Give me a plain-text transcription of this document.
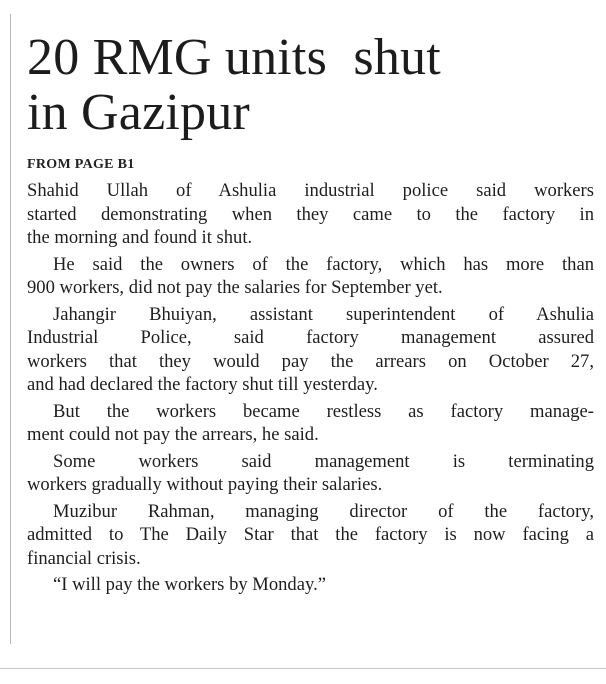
20 RMG units  shut
in Gazipur
FROM PAGE B1

Shahid Ullah of Ashulia industrial police said workers
started demonstrating when they came to the factory in
the morning and found it shut.

He said the owners of the factory, which has more than
900 workers, did not pay the salaries for September yet.

Jahangir Bhuiyan, assistant superintendent of Ashulia
Industrial Police, said factory management assured
workers that they would pay the arrears on October 27,
and had declared the factory shut till yesterday.

But the workers became restless as factory manage-
ment could not pay the arrears, he said.

Some workers said management is terminating
workers gradually without paying their salaries.

Muzibur Rahman, managing director of the factory,
admitted to The Daily Star that the factory is now facing a
financial crisis.

“I will pay the workers by Monday.”
